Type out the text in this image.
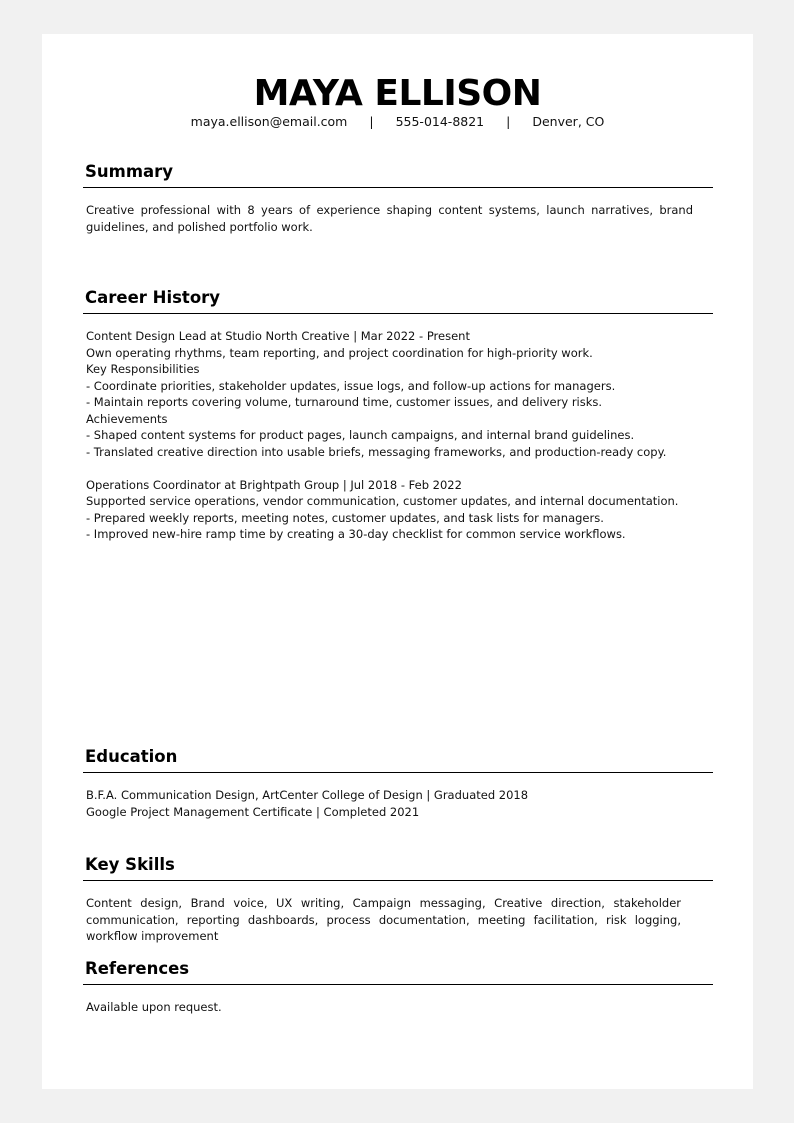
MAYA ELLISON
maya.ellison@email.com | 555-014-8821 | Denver, CO
Summary
Creative professional with 8 years of experience shaping content systems, launch narratives, brand guidelines, and polished portfolio work.
Career History
Content Design Lead at Studio North Creative | Mar 2022 - Present
Own operating rhythms, team reporting, and project coordination for high-priority work.
Key Responsibilities
- Coordinate priorities, stakeholder updates, issue logs, and follow-up actions for managers.
- Maintain reports covering volume, turnaround time, customer issues, and delivery risks.
Achievements
- Shaped content systems for product pages, launch campaigns, and internal brand guidelines.
- Translated creative direction into usable briefs, messaging frameworks, and production-ready copy.
Operations Coordinator at Brightpath Group | Jul 2018 - Feb 2022
Supported service operations, vendor communication, customer updates, and internal documentation.
- Prepared weekly reports, meeting notes, customer updates, and task lists for managers.
- Improved new-hire ramp time by creating a 30-day checklist for common service workflows.
Education
B.F.A. Communication Design, ArtCenter College of Design | Graduated 2018
Google Project Management Certificate | Completed 2021
Key Skills
Content design, Brand voice, UX writing, Campaign messaging, Creative direction, stakeholder communication, reporting dashboards, process documentation, meeting facilitation, risk logging, workflow improvement
References
Available upon request.
